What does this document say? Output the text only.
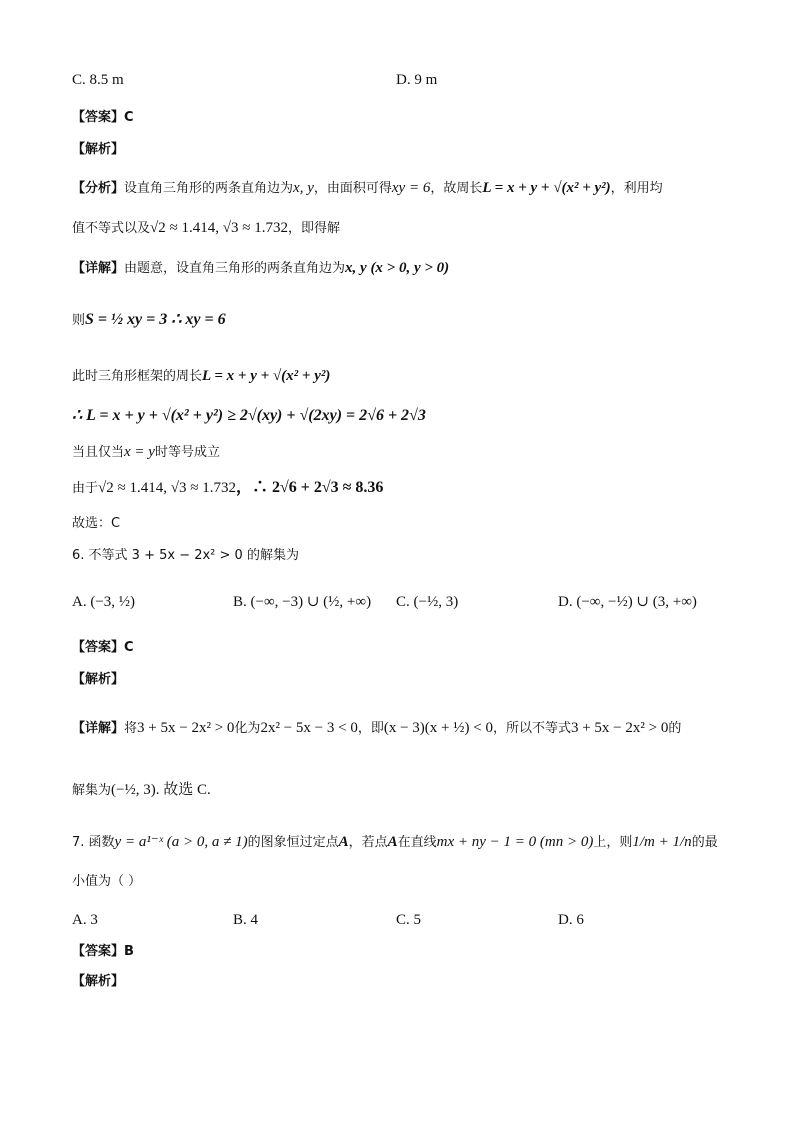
C. 8.5 m	D. 9 m
【答案】C
【解析】
【分析】设直角三角形的两条直角边为x, y，由面积可得xy = 6，故周长L = x + y + √(x² + y²)，利用均
值不等式以及√2 ≈ 1.414, √3 ≈ 1.732，即得解
【详解】由题意，设直角三角形的两条直角边为x, y (x > 0, y > 0)
则S = ½ xy = 3 ∴ xy = 6
此时三角形框架的周长L = x + y + √(x² + y²)
∴ L = x + y + √(x² + y²) ≥ 2√(xy) + √(2xy) = 2√6 + 2√3
当且仅当x = y时等号成立
由于√2 ≈ 1.414, √3 ≈ 1.732，∴ 2√6 + 2√3 ≈ 8.36
故选：C
6. 不等式 3 + 5x − 2x² > 0 的解集为
A. (−3, ½)	B. (−∞, −3) ∪ (½, +∞) C. (−½, 3)	D. (−∞, −½) ∪ (3, +∞)
【答案】C
【解析】
【详解】将3 + 5x − 2x² > 0化为2x² − 5x − 3 < 0，即(x − 3)(x + ½) < 0，所以不等式3 + 5x − 2x² > 0的
解集为(−½, 3). 故选 C.
7. 函数y = a¹⁻ˣ (a > 0, a ≠ 1)的图象恒过定点A，若点A在直线mx + ny − 1 = 0 (mn > 0)上，则1/m + 1/n的最
小值为（ ）
A. 3	B. 4	C. 5	D. 6
【答案】B
【解析】
